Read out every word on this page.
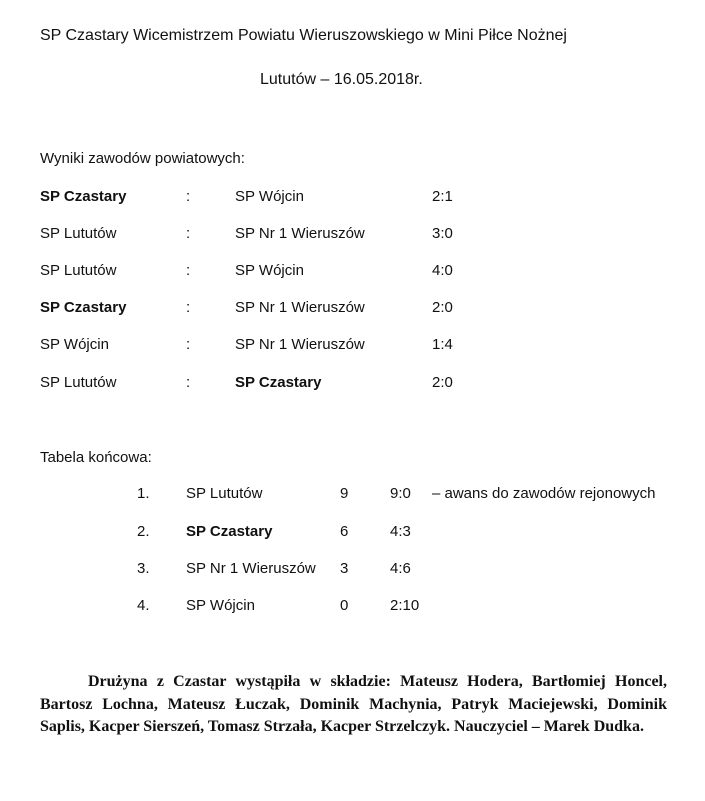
SP Czastary Wicemistrzem Powiatu Wieruszowskiego w Mini Piłce Nożnej
Lututów – 16.05.2018r.
Wyniki zawodów powiatowych:
SP Czastary	:	SP Wójcin	2:1
SP Lututów	:	SP Nr 1 Wieruszów	3:0
SP Lututów	:	SP Wójcin	4:0
SP Czastary	:	SP Nr 1 Wieruszów	2:0
SP Wójcin	:	SP Nr 1 Wieruszów	1:4
SP Lututów	:	SP Czastary	2:0
Tabela końcowa:
1. SP Lututów	9	9:0 – awans do zawodów rejonowych
2. SP Czastary	6	4:3
3. SP Nr 1 Wieruszów 3	4:6
4. SP Wójcin	0	2:10

Drużyna z Czastar wystąpiła w składzie: Mateusz Hodera, Bartłomiej Honcel, Bartosz Lochna, Mateusz Łuczak, Dominik Machynia, Patryk Maciejewski, Dominik Saplis, Kacper Sierszeń, Tomasz Strzała, Kacper Strzelczyk. Nauczyciel – Marek Dudka.
